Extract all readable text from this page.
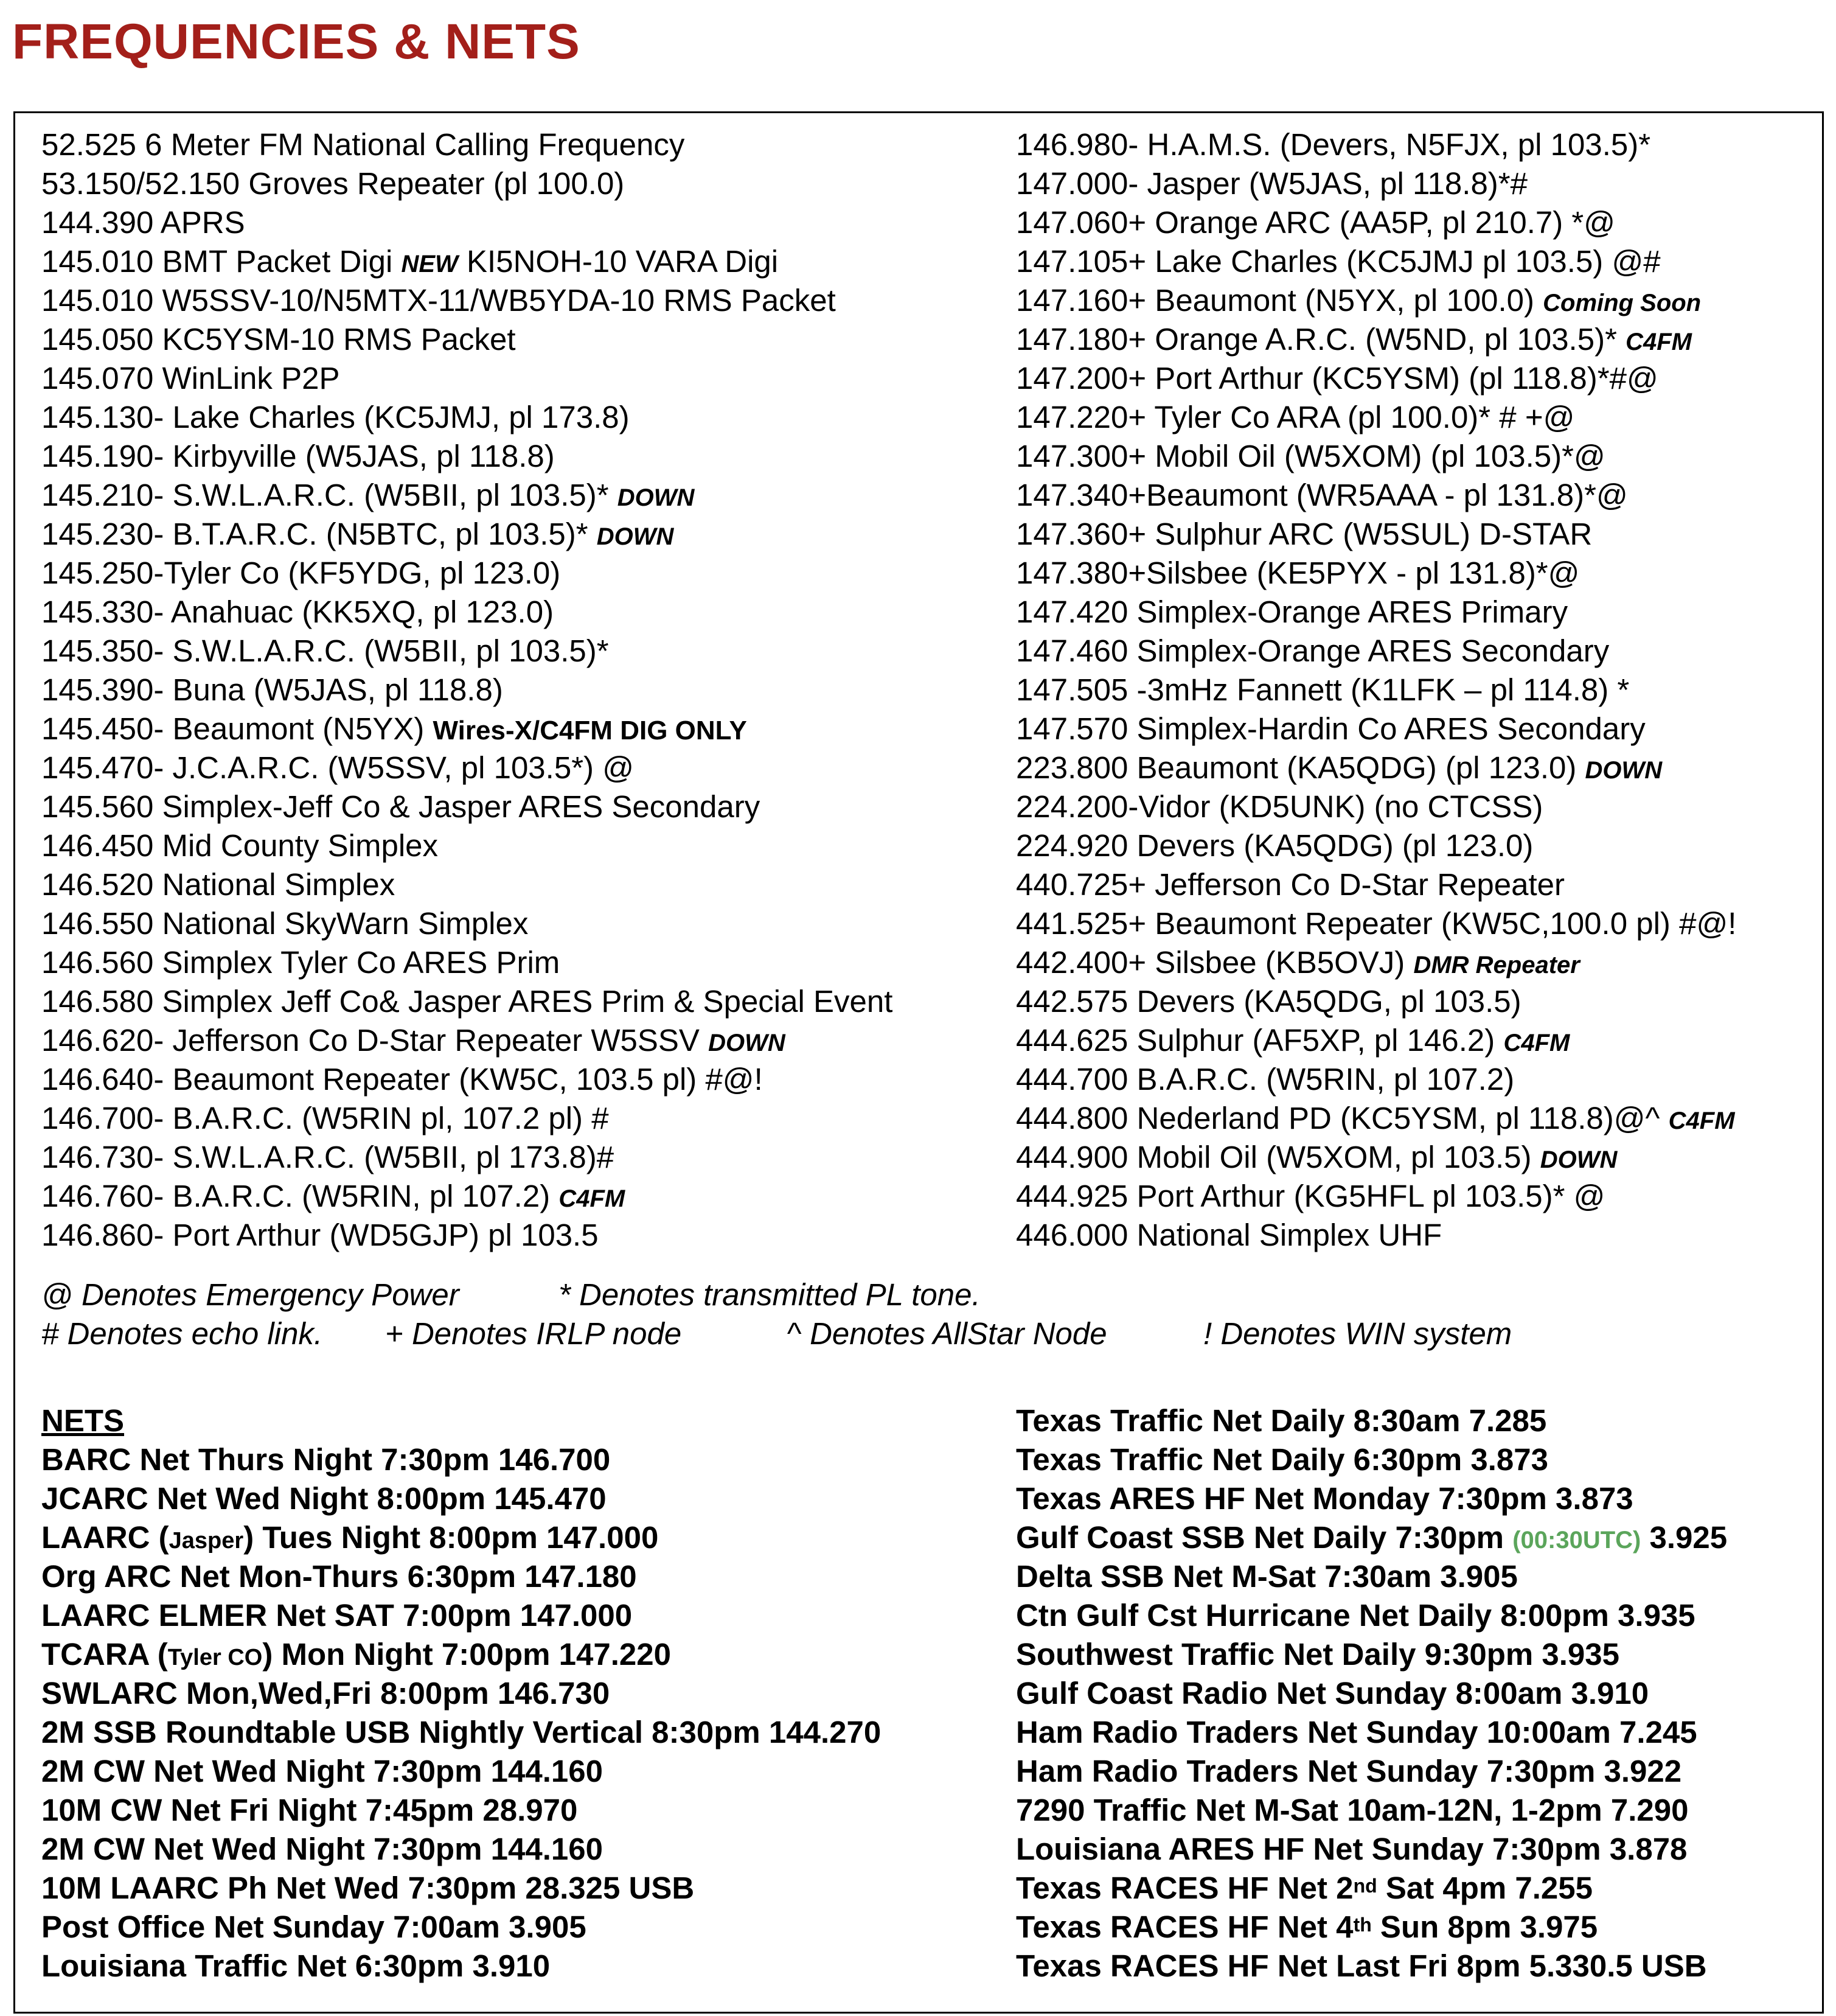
FREQUENCIES & NETS
52.525 6 Meter FM National Calling Frequency
53.150/52.150 Groves Repeater (pl 100.0)
144.390 APRS
145.010 BMT Packet Digi NEW KI5NOH-10 VARA Digi
145.010 W5SSV-10/N5MTX-11/WB5YDA-10 RMS Packet
145.050 KC5YSM-10 RMS Packet
145.070 WinLink P2P
145.130- Lake Charles (KC5JMJ, pl 173.8)
145.190- Kirbyville (W5JAS, pl 118.8)
145.210- S.W.L.A.R.C. (W5BII, pl 103.5)* DOWN
145.230- B.T.A.R.C. (N5BTC, pl 103.5)* DOWN
145.250-Tyler Co (KF5YDG, pl 123.0)
145.330- Anahuac (KK5XQ, pl 123.0)
145.350- S.W.L.A.R.C. (W5BII, pl 103.5)*
145.390- Buna (W5JAS, pl 118.8)
145.450- Beaumont (N5YX) Wires-X/C4FM DIG ONLY
145.470- J.C.A.R.C. (W5SSV, pl 103.5*) @
145.560 Simplex-Jeff Co & Jasper ARES Secondary
146.450 Mid County Simplex
146.520 National Simplex
146.550 National SkyWarn Simplex
146.560 Simplex Tyler Co ARES Prim
146.580 Simplex Jeff Co& Jasper ARES Prim & Special Event
146.620- Jefferson Co D-Star Repeater W5SSV DOWN
146.640- Beaumont Repeater (KW5C, 103.5 pl) #@!
146.700- B.A.R.C. (W5RIN pl, 107.2 pl) #
146.730- S.W.L.A.R.C. (W5BII, pl 173.8)#
146.760- B.A.R.C. (W5RIN, pl 107.2) C4FM
146.860- Port Arthur (WD5GJP) pl 103.5
146.980- H.A.M.S. (Devers, N5FJX, pl 103.5)*
147.000- Jasper (W5JAS, pl 118.8)*#
147.060+ Orange ARC (AA5P, pl 210.7) *@
147.105+ Lake Charles (KC5JMJ pl 103.5) @#
147.160+ Beaumont (N5YX, pl 100.0) Coming Soon
147.180+ Orange A.R.C. (W5ND, pl 103.5)* C4FM
147.200+ Port Arthur (KC5YSM) (pl 118.8)*#@
147.220+ Tyler Co ARA (pl 100.0)* # +@
147.300+ Mobil Oil (W5XOM) (pl 103.5)*@
147.340+Beaumont (WR5AAA - pl 131.8)*@
147.360+ Sulphur ARC (W5SUL) D-STAR
147.380+Silsbee (KE5PYX - pl 131.8)*@
147.420 Simplex-Orange ARES Primary
147.460 Simplex-Orange ARES Secondary
147.505 -3mHz Fannett (K1LFK – pl 114.8) *
147.570 Simplex-Hardin Co ARES Secondary
223.800 Beaumont (KA5QDG) (pl 123.0) DOWN
224.200-Vidor (KD5UNK) (no CTCSS)
224.920 Devers (KA5QDG) (pl 123.0)
440.725+ Jefferson Co D-Star Repeater
441.525+ Beaumont Repeater (KW5C,100.0 pl) #@!
442.400+ Silsbee (KB5OVJ) DMR Repeater
442.575 Devers (KA5QDG, pl 103.5)
444.625 Sulphur (AF5XP, pl 146.2) C4FM
444.700 B.A.R.C. (W5RIN, pl 107.2)
444.800 Nederland PD (KC5YSM, pl 118.8)@^ C4FM
444.900 Mobil Oil (W5XOM, pl 103.5) DOWN
444.925 Port Arthur (KG5HFL pl 103.5)* @
446.000 National Simplex UHF
@ Denotes Emergency Power	* Denotes transmitted PL tone.
# Denotes echo link. + Denotes IRLP node	^ Denotes AllStar Node	! Denotes WIN system
NETS
BARC Net Thurs Night 7:30pm 146.700
JCARC Net Wed Night 8:00pm 145.470
LAARC (Jasper) Tues Night 8:00pm 147.000
Org ARC Net Mon-Thurs 6:30pm 147.180
LAARC ELMER Net SAT 7:00pm 147.000
TCARA (Tyler CO) Mon Night 7:00pm 147.220
SWLARC Mon,Wed,Fri 8:00pm 146.730
2M SSB Roundtable USB Nightly Vertical 8:30pm 144.270
2M CW Net Wed Night 7:30pm 144.160
10M CW Net Fri Night 7:45pm 28.970
2M CW Net Wed Night 7:30pm 144.160
10M LAARC Ph Net Wed 7:30pm 28.325 USB
Post Office Net Sunday 7:00am 3.905
Louisiana Traffic Net 6:30pm 3.910
Texas Traffic Net Daily 8:30am 7.285
Texas Traffic Net Daily 6:30pm 3.873
Texas ARES HF Net Monday 7:30pm 3.873
Gulf Coast SSB Net Daily 7:30pm (00:30UTC) 3.925
Delta SSB Net M-Sat 7:30am 3.905
Ctn Gulf Cst Hurricane Net Daily 8:00pm 3.935
Southwest Traffic Net Daily 9:30pm 3.935
Gulf Coast Radio Net Sunday 8:00am 3.910
Ham Radio Traders Net Sunday 10:00am 7.245
Ham Radio Traders Net Sunday 7:30pm 3.922
7290 Traffic Net M-Sat 10am-12N, 1-2pm 7.290
Louisiana ARES HF Net Sunday 7:30pm 3.878
Texas RACES HF Net 2nd Sat 4pm 7.255
Texas RACES HF Net 4th Sun 8pm 3.975
Texas RACES HF Net Last Fri 8pm 5.330.5 USB
